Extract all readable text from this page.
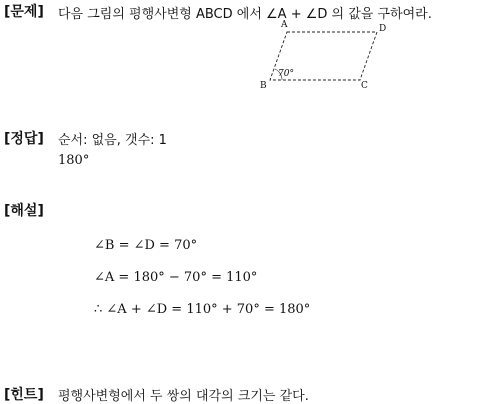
[문제] 다음 그림의 평행사변형 ABCD 에서 ∠A + ∠D 의 값을 구하여라.
A	D
B	C
70°
[정답] 순서: 없음, 갯수: 1
180°
[해설]
∠B = ∠D = 70°
∠A = 180° − 70° = 110°
∴ ∠A + ∠D = 110° + 70° = 180°
[힌트] 평행사변형에서 두 쌍의 대각의 크기는 같다.
